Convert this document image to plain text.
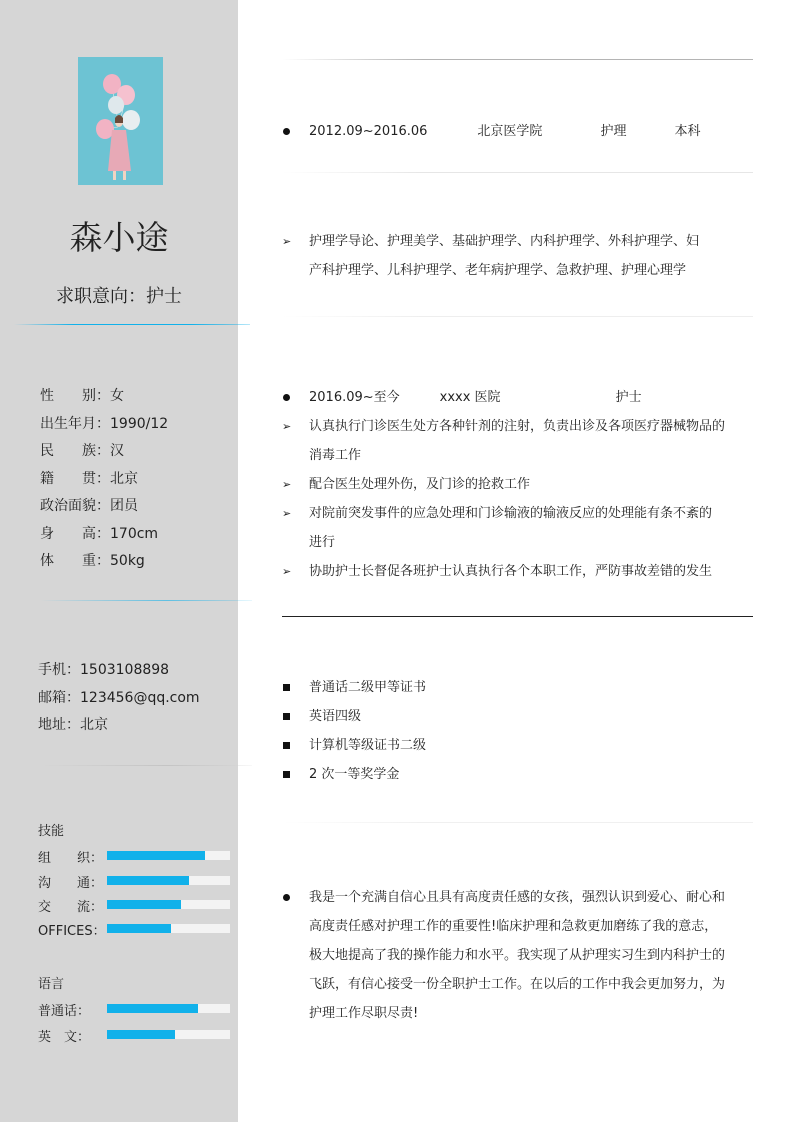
森小途
求职意向：护士
性　　别：女
出生年月：1990/12
民　　族：汉
籍　　贯：北京
政治面貌：团员
身　　高：170cm
体　　重：50kg
手机：15031088​98
邮箱：123456@qq.com
地址：北京
技能
组　　织：
沟　　通：
交　　流：
OFFICES：
语言
普通话：
英　文：
2012.09~2016.06	北京医学院	护理	本科
➢ 护理学导论、护理美学、基础护理学、内科护理学、外科护理学、妇
产科护理学、儿科护理学、老年病护理学、急救护理、护理心理学
2016.09~至今	xxxx 医院	护士
➢ 认真执行门诊医生处方各种针剂的注射，负责出诊及各项医疗器械物品的
消毒工作
➢ 配合医生处理外伤，及门诊的抢救工作
➢ 对院前突发事件的应急处理和门诊输液的输液反应的处理能有条不紊的
进行
➢ 协助护士长督促各班护士认真执行各个本职工作，严防事故差错的发生
普通话二级甲等证书
英语四级
计算机等级证书二级
2 次一等奖学金
我是一个充满自信心且具有高度责任感的女孩，强烈认识到爱心、耐心和
高度责任感对护理工作的重要性!临床护理和急救更加磨练了我的意志，
极大地提高了我的操作能力和水平。我实现了从护理实习生到内科护士的
飞跃，有信心接受一份全职护士工作。在以后的工作中我会更加努力，为
护理工作尽职尽责!
